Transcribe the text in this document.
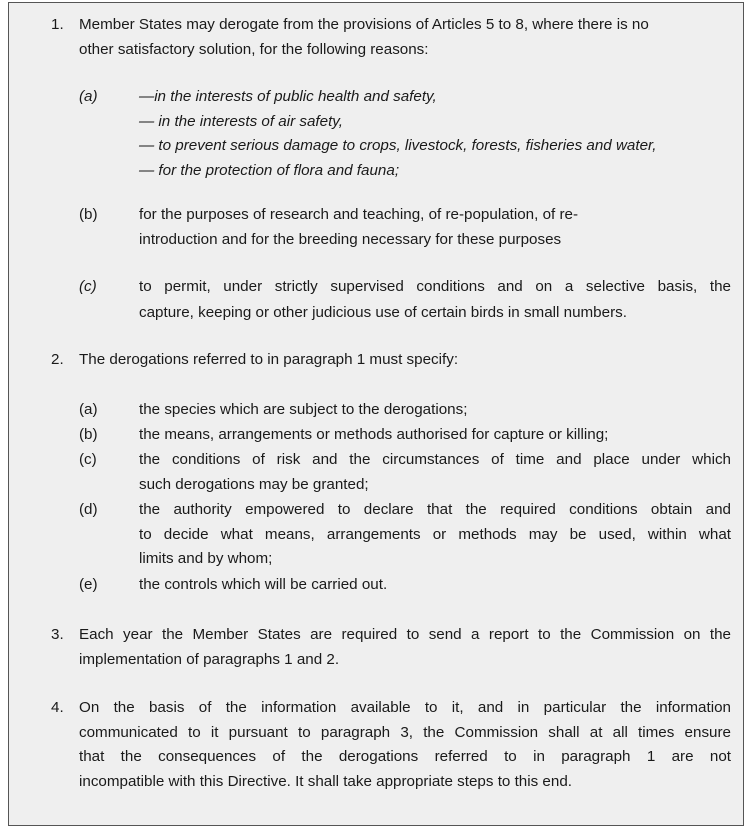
1. Member States may derogate from the provisions of Articles 5 to 8, where there is no
other satisfactory solution, for the following reasons:
(a)	—in the interests of public health and safety,
— in the interests of air safety,
— to prevent serious damage to crops, livestock, forests, fisheries and water,
— for the protection of flora and fauna;
(b)	for the purposes of research and teaching, of re-population, of re-
introduction and for the breeding necessary for these purposes
(c)	to permit, under strictly supervised conditions and on a selective basis, the
capture, keeping or other judicious use of certain birds in small numbers.
2. The derogations referred to in paragraph 1 must specify:
(a)	the species which are subject to the derogations;
(b)	the means, arrangements or methods authorised for capture or killing;
(c)	the conditions of risk and the circumstances of time and place under which
such derogations may be granted;
(d)	the authority empowered to declare that the required conditions obtain and
to decide what means, arrangements or methods may be used, within what
limits and by whom;
(e)	the controls which will be carried out.
3. Each year the Member States are required to send a report to the Commission on the
implementation of paragraphs 1 and 2.
4. On the basis of the information available to it, and in particular the information
communicated to it pursuant to paragraph 3, the Commission shall at all times ensure
that the consequences of the derogations referred to in paragraph 1 are not
incompatible with this Directive. It shall take appropriate steps to this end.
